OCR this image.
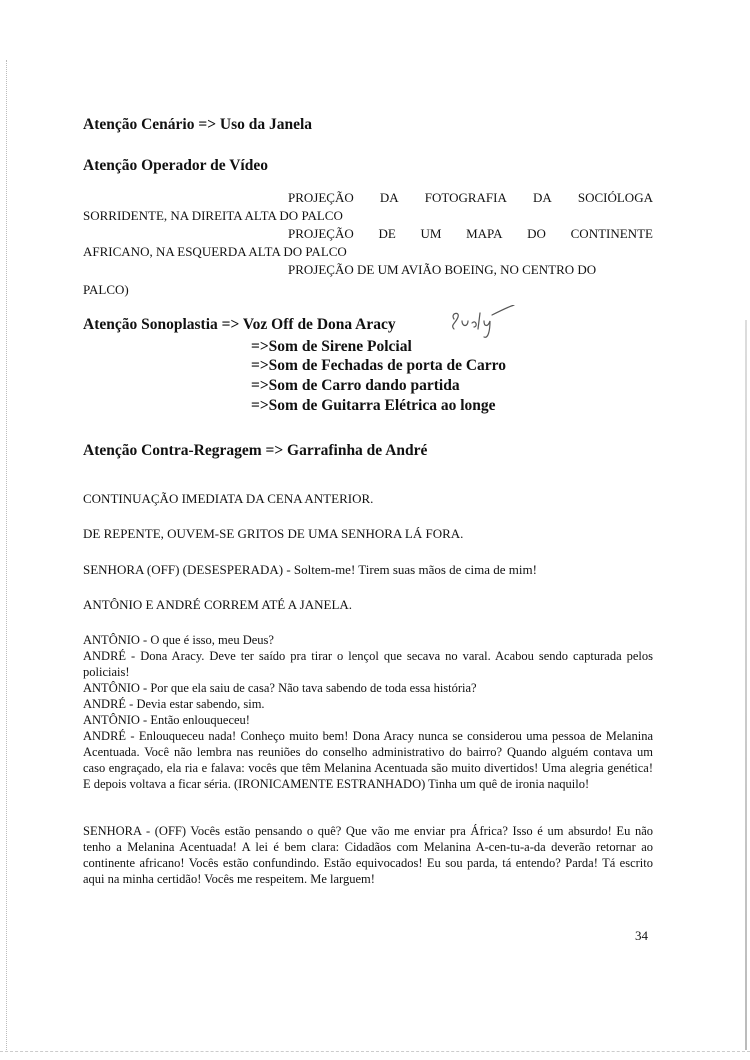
Atenção Cenário => Uso da Janela
Atenção Operador de Vídeo
PROJEÇÃO DA FOTOGRAFIA DA SOCIÓLOGA
SORRIDENTE, NA DIREITA ALTA DO PALCO
PROJEÇÃO DE UM MAPA DO CONTINENTE
AFRICANO, NA ESQUERDA ALTA DO PALCO
PROJEÇÃO DE UM AVIÃO BOEING, NO CENTRO DO
PALCO)
Atenção Sonoplastia => Voz Off de Dona Aracy
=>Som de Sirene Polcial
=>Som de Fechadas de porta de Carro
=>Som de Carro dando partida
=>Som de Guitarra Elétrica ao longe
Atenção Contra-Regragem => Garrafinha de André
CONTINUAÇÃO IMEDIATA DA CENA ANTERIOR.
DE REPENTE, OUVEM-SE GRITOS DE UMA SENHORA LÁ FORA.
SENHORA (OFF) (DESESPERADA) - Soltem-me! Tirem suas mãos de cima de mim!
ANTÔNIO E ANDRÉ CORREM ATÉ A JANELA.
ANTÔNIO - O que é isso, meu Deus?
ANDRÉ - Dona Aracy. Deve ter saído pra tirar o lençol que secava no varal. Acabou sendo capturada pelos policiais!
ANTÔNIO - Por que ela saiu de casa? Não tava sabendo de toda essa história?
ANDRÉ - Devia estar sabendo, sim.
ANTÔNIO - Então enlouqueceu!
ANDRÉ - Enlouqueceu nada! Conheço muito bem! Dona Aracy nunca se considerou uma pessoa de Melanina Acentuada. Você não lembra nas reuniões do conselho administrativo do bairro? Quando alguém contava um caso engraçado, ela ria e falava: vocês que têm Melanina Acentuada são muito divertidos! Uma alegria genética! E depois voltava a ficar séria. (IRONICAMENTE ESTRANHADO) Tinha um quê de ironia naquilo!
SENHORA - (OFF) Vocês estão pensando o quê? Que vão me enviar pra África? Isso é um absurdo! Eu não tenho a Melanina Acentuada! A lei é bem clara: Cidadãos com Melanina A-cen-tu-a-da deverão retornar ao continente africano! Vocês estão confundindo. Estão equivocados! Eu sou parda, tá entendo? Parda! Tá escrito aqui na minha certidão! Vocês me respeitem. Me larguem!
34
